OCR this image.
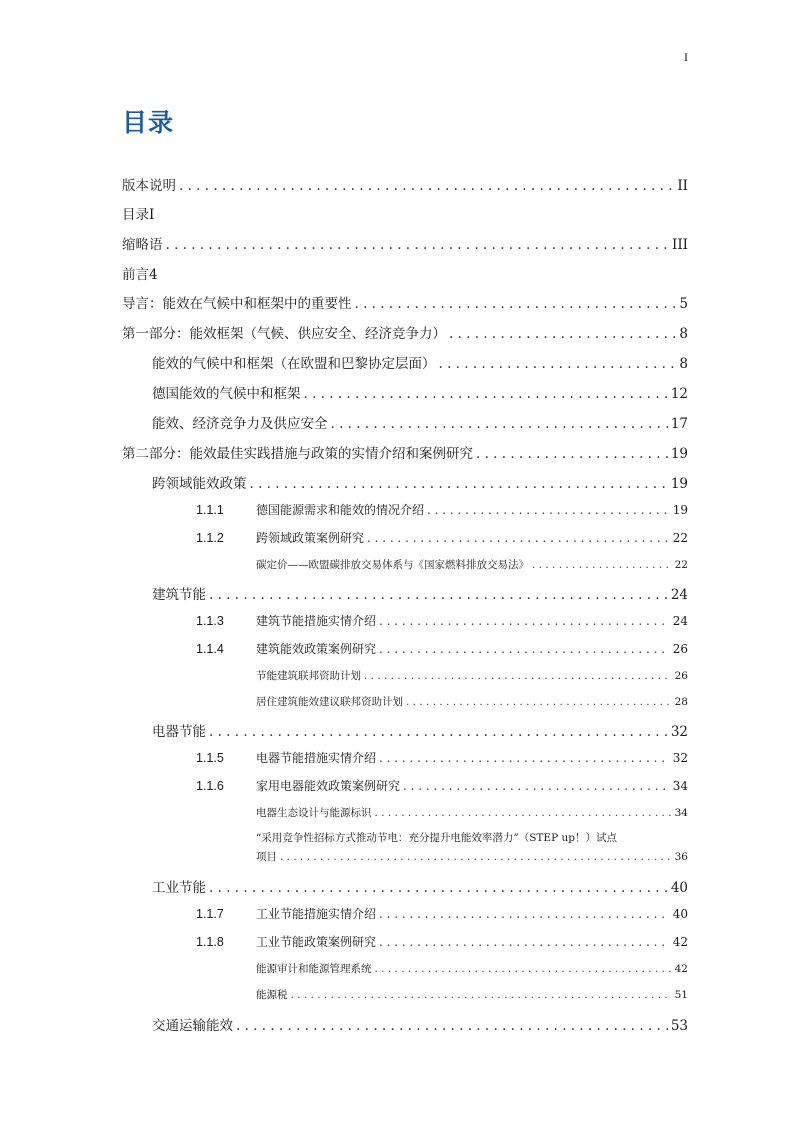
I
目录
版本说明 . . .	II
目录I
缩略语 . . .	III
前言4
导言：能效在气候中和框架中的重要性 . . .	5
第一部分：能效框架（气候、供应安全、经济竞争力） . . .	8
能效的气候中和框架（在欧盟和巴黎协定层面） . . .	8
德国能效的气候中和框架 . . .	12
能效、经济竞争力及供应安全 . . .	17
第二部分：能效最佳实践措施与政策的实情介绍和案例研究 . . .	19
跨领域能效政策 . . .	19
1.1.1	德国能源需求和能效的情况介绍 . . .	19
1.1.2	跨领域政策案例研究 . . .	22
碳定价——欧盟碳排放交易体系与《国家燃料排放交易法》 . . .	22
建筑节能 . . .	24
1.1.3	建筑节能措施实情介绍 . . .	24
1.1.4	建筑能效政策案例研究 . . .	26
节能建筑联邦资助计划 . . .	26
居住建筑能效建议联邦资助计划 . . .	28
电器节能 . . .	32
1.1.5	电器节能措施实情介绍 . . .	32
1.1.6	家用电器能效政策案例研究 . . .	34
电器生态设计与能源标识 . . .	34
“采用竞争性招标方式推动节电：充分提升电能效率潜力”（STEP up！）试点
项目 . . .	36
工业节能 . . .	40
1.1.7	工业节能措施实情介绍 . . .	40
1.1.8	工业节能政策案例研究 . . .	42
能源审计和能源管理系统 . . .	42
能源税 . . .	51
交通运输能效 . . .	53
